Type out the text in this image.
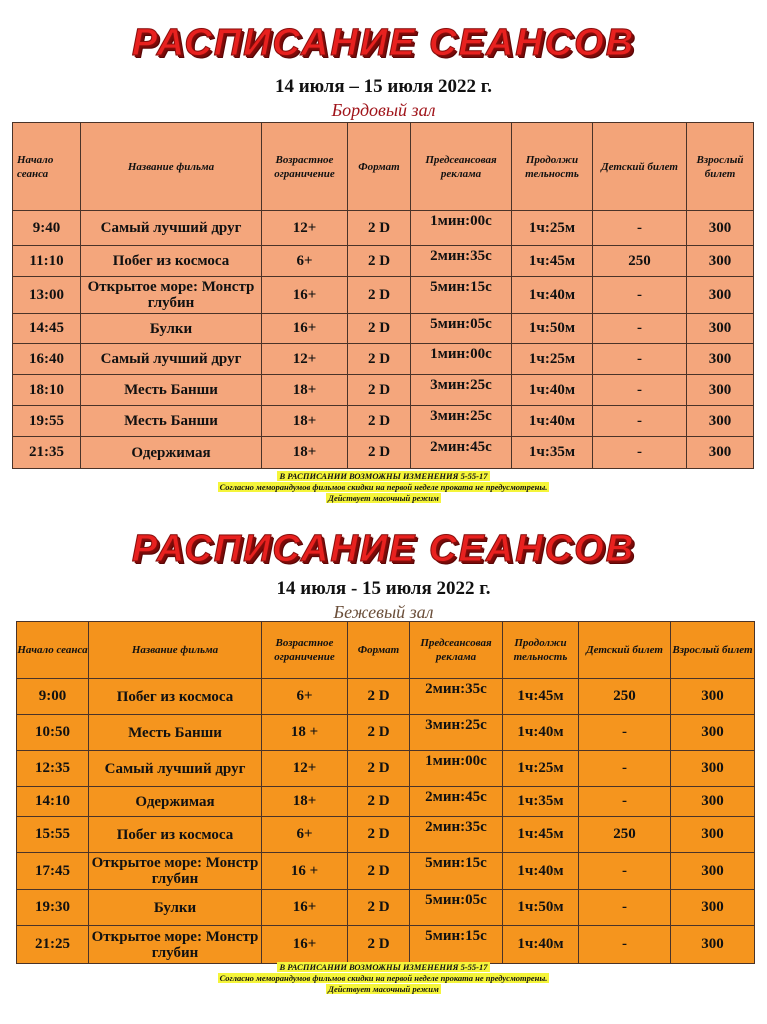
РАСПИСАНИЕ СЕАНСОВ
14 июля – 15 июля 2022 г.
Бордовый зал
Начало сеанса	Название фильма	Возрастное ограничение	Формат	Предсеансовая реклама	Продолжи тельность	Детский билет	Взрослый билет
9:40	Самый лучший друг	12+	2 D	1мин:00с	1ч:25м	-	300
11:10	Побег из космоса	6+	2 D	2мин:35с	1ч:45м	250	300
13:00	Открытое море: Монстр глубин	16+	2 D	5мин:15с	1ч:40м	-	300
14:45	Булки	16+	2 D	5мин:05с	1ч:50м	-	300
16:40	Самый лучший друг	12+	2 D	1мин:00с	1ч:25м	-	300
18:10	Месть Банши	18+	2 D	3мин:25с	1ч:40м	-	300
19:55	Месть Банши	18+	2 D	3мин:25с	1ч:40м	-	300
21:35	Одержимая	18+	2 D	2мин:45с	1ч:35м	-	300
В РАСПИСАНИИ ВОЗМОЖНЫ ИЗМЕНЕНИЯ 5-55-17
Согласно меморандумов фильмов скидки на первой неделе проката не предусмотрены.
Действует масочный режим
РАСПИСАНИЕ СЕАНСОВ
14 июля - 15 июля 2022 г.
Бежевый зал
Начало сеанса	Название фильма	Возрастное ограничение	Формат	Предсеансовая реклама	Продолжи тельность	Детский билет	Взрослый билет
9:00	Побег из космоса	6+	2 D	2мин:35с	1ч:45м	250	300
10:50	Месть Банши	18 +	2 D	3мин:25с	1ч:40м	-	300
12:35	Самый лучший друг	12+	2 D	1мин:00с	1ч:25м	-	300
14:10	Одержимая	18+	2 D	2мин:45с	1ч:35м	-	300
15:55	Побег из космоса	6+	2 D	2мин:35с	1ч:45м	250	300
17:45	Открытое море: Монстр глубин	16 +	2 D	5мин:15с	1ч:40м	-	300
19:30	Булки	16+	2 D	5мин:05с	1ч:50м	-	300
21:25	Открытое море: Монстр глубин	16+	2 D	5мин:15с	1ч:40м	-	300
В РАСПИСАНИИ ВОЗМОЖНЫ ИЗМЕНЕНИЯ 5-55-17
Согласно меморандумов фильмов скидки на первой неделе проката не предусмотрены.
Действует масочный режим
